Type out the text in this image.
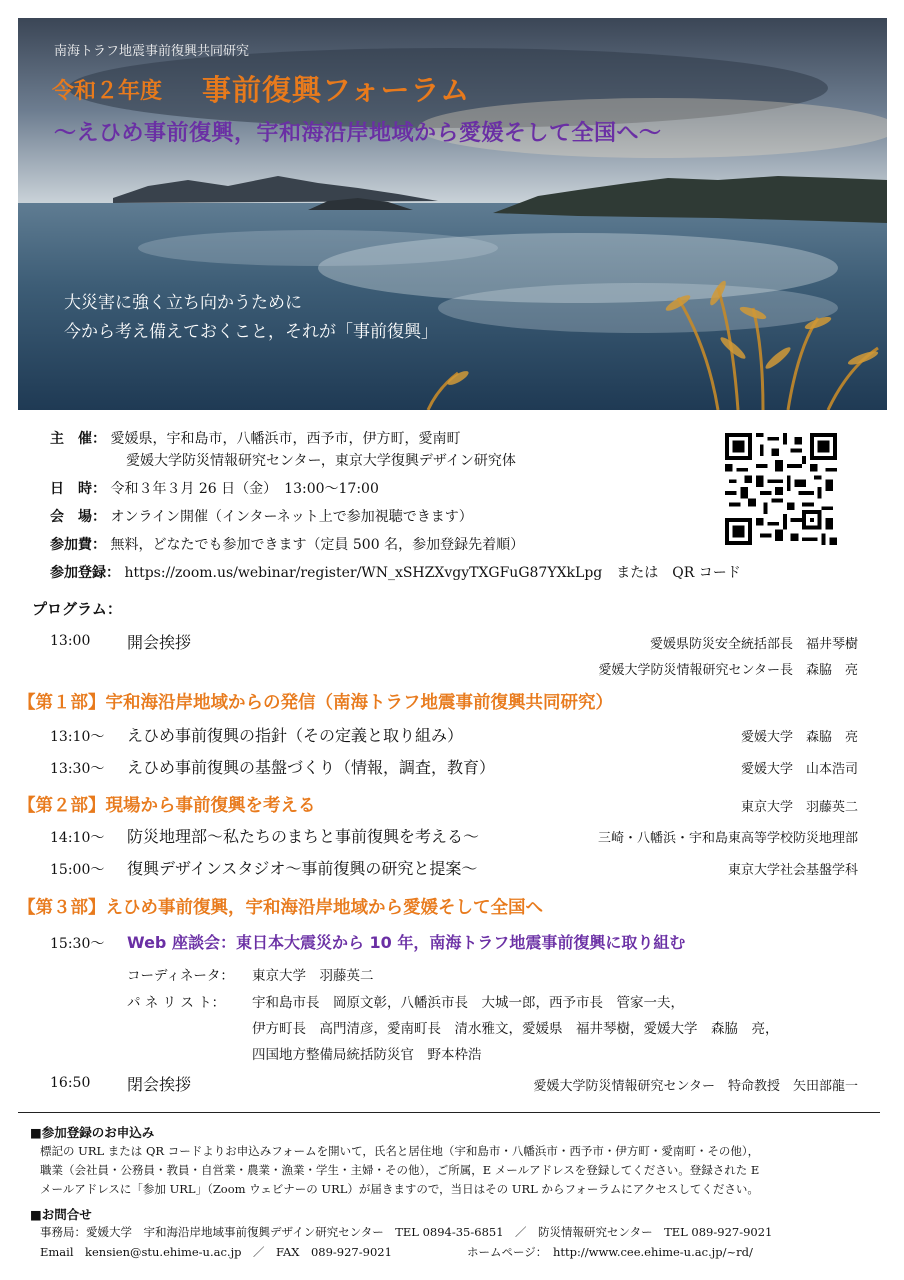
南海トラフ地震事前復興共同研究
令和２年度 事前復興フォーラム
〜えひめ事前復興，宇和海沿岸地域から愛媛そして全国へ〜
大災害に強く立ち向かうために
今から考え備えておくこと，それが「事前復興」
主　催： 愛媛県，宇和島市，八幡浜市，西予市，伊方町，愛南町
愛媛大学防災情報研究センター，東京大学復興デザイン研究体
日　時： 令和３年３月 26 日（金）　13:00〜17:00
会　場： オンライン開催（インターネット上で参加視聴できます）
参加費： 無料，どなたでも参加できます（定員 500 名，参加登録先着順）
参加登録： https://zoom.us/webinar/register/WN_xSHZXvgyTXGFuG87YXkLpg　または　QR コード
プログラム：
13:00 開会挨拶	愛媛県防災安全統括部長　福井琴樹
愛媛大学防災情報研究センター長　森脇　亮
【第１部】宇和海沿岸地域からの発信（南海トラフ地震事前復興共同研究）
13:10〜 えひめ事前復興の指針（その定義と取り組み）	愛媛大学　森脇　亮
13:30〜 えひめ事前復興の基盤づくり（情報，調査，教育）	愛媛大学　山本浩司
【第２部】現場から事前復興を考える	東京大学　羽藤英二
14:10〜 防災地理部〜私たちのまちと事前復興を考える〜	三崎・八幡浜・宇和島東高等学校防災地理部
15:00〜 復興デザインスタジオ〜事前復興の研究と提案〜	東京大学社会基盤学科
【第３部】えひめ事前復興，宇和海沿岸地域から愛媛そして全国へ
15:30〜 Web 座談会：東日本大震災から 10 年，南海トラフ地震事前復興に取り組む
コーディネータ： 東京大学　羽藤英二
パ ネ リ ス ト： 宇和島市長　岡原文彰，八幡浜市長　大城一郎，西予市長　管家一夫，
伊方町長　高門清彦，愛南町長　清水雅文，愛媛県　福井琴樹，愛媛大学　森脇　亮，
四国地方整備局統括防災官　野本枠浩
16:50 閉会挨拶	愛媛大学防災情報研究センター　特命教授　矢田部龍一
■参加登録のお申込み
標記の URL または QR コードよりお申込みフォームを開いて，氏名と居住地（宇和島市・八幡浜市・西予市・伊方町・愛南町・その他），
職業（会社員・公務員・教員・自営業・農業・漁業・学生・主婦・その他），ご所属，E メールアドレスを登録してください。登録された E
メールアドレスに「参加 URL」（Zoom ウェビナーの URL）が届きますので，当日はその URL からフォーラムにアクセスしてください。
■お問合せ
事務局：愛媛大学　宇和海沿岸地域事前復興デザイン研究センター　TEL 0894-35-6851　／　防災情報研究センター　TEL 089-927-9021
Email　kensien@stu.ehime-u.ac.jp　／　FAX　089-927-9021	ホームページ：　http://www.cee.ehime-u.ac.jp/~rd/
